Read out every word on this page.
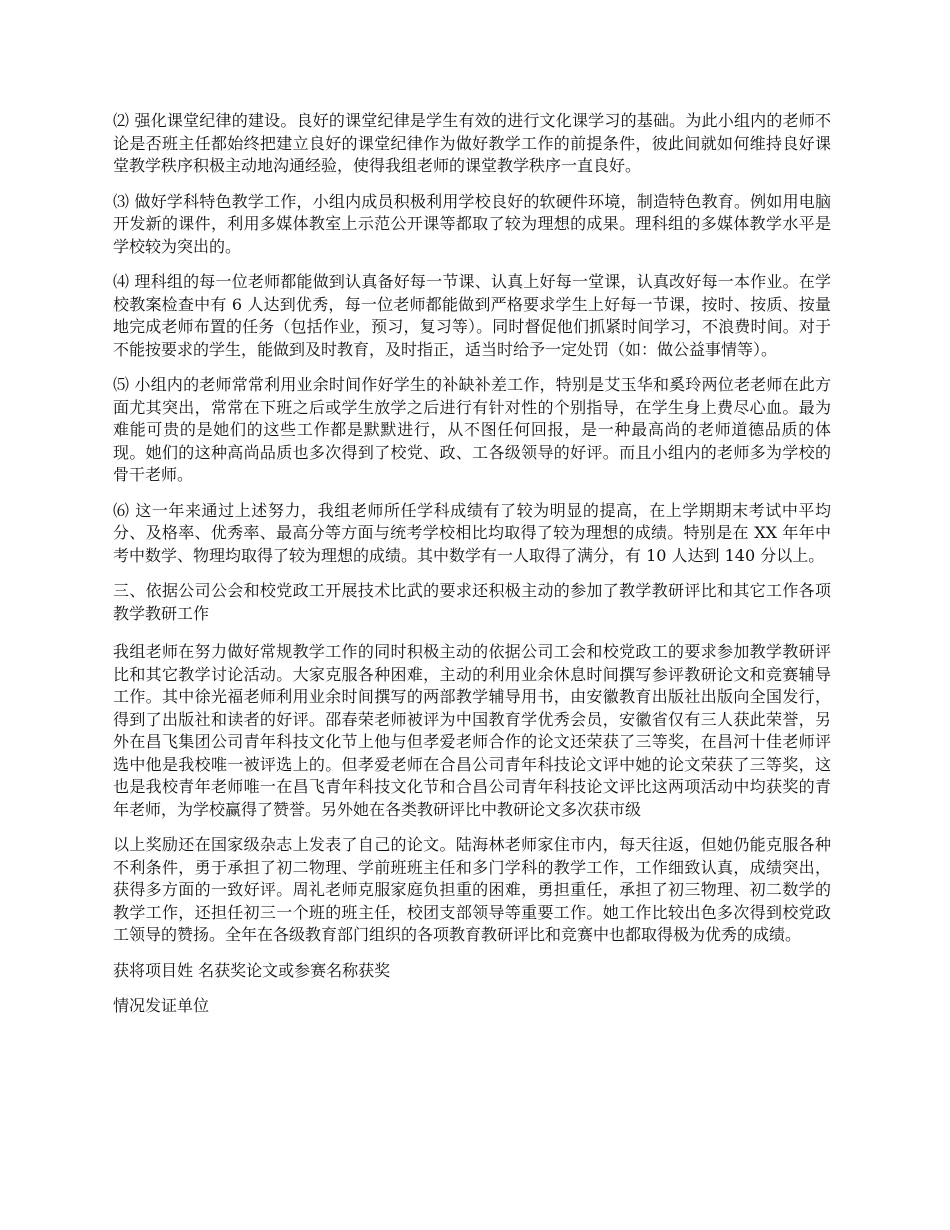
⑵ 强化课堂纪律的建设。良好的课堂纪律是学生有效的进行文化课学习的基础。为此小组内的老师不论是否班主任都始终把建立良好的课堂纪律作为做好教学工作的前提条件，彼此间就如何维持良好课堂教学秩序积极主动地沟通经验，使得我组老师的课堂教学秩序一直良好。

⑶ 做好学科特色教学工作，小组内成员积极利用学校良好的软硬件环境，制造特色教育。例如用电脑开发新的课件，利用多媒体教室上示范公开课等都取了较为理想的成果。理科组的多媒体教学水平是学校较为突出的。

⑷ 理科组的每一位老师都能做到认真备好每一节课、认真上好每一堂课，认真改好每一本作业。在学校教案检查中有 6 人达到优秀，每一位老师都能做到严格要求学生上好每一节课，按时、按质、按量地完成老师布置的任务（包括作业，预习，复习等）。同时督促他们抓紧时间学习，不浪费时间。对于不能按要求的学生，能做到及时教育，及时指正，适当时给予一定处罚（如：做公益事情等）。

⑸ 小组内的老师常常利用业余时间作好学生的补缺补差工作，特别是艾玉华和奚玲两位老老师在此方面尤其突出，常常在下班之后或学生放学之后进行有针对性的个别指导，在学生身上费尽心血。最为难能可贵的是她们的这些工作都是默默进行，从不图任何回报，是一种最高尚的老师道德品质的体现。她们的这种高尚品质也多次得到了校党、政、工各级领导的好评。而且小组内的老师多为学校的骨干老师。

⑹ 这一年来通过上述努力，我组老师所任学科成绩有了较为明显的提高，在上学期期末考试中平均分、及格率、优秀率、最高分等方面与统考学校相比均取得了较为理想的成绩。特别是在 XX 年年中考中数学、物理均取得了较为理想的成绩。其中数学有一人取得了满分，有 10 人达到 140 分以上。

三、依据公司公会和校党政工开展技术比武的要求还积极主动的参加了教学教研评比和其它工作各项教学教研工作

我组老师在努力做好常规教学工作的同时积极主动的依据公司工会和校党政工的要求参加教学教研评比和其它教学讨论活动。大家克服各种困难，主动的利用业余休息时间撰写参评教研论文和竞赛辅导工作。其中徐光福老师利用业余时间撰写的两部教学辅导用书，由安徽教育出版社出版向全国发行，得到了出版社和读者的好评。邵春荣老师被评为中国教育学优秀会员，安徽省仅有三人获此荣誉，另外在昌飞集团公司青年科技文化节上他与但孝爱老师合作的论文还荣获了三等奖，在昌河十佳老师评选中他是我校唯一被评选上的。但孝爱老师在合昌公司青年科技论文评中她的论文荣获了三等奖，这也是我校青年老师唯一在昌飞青年科技文化节和合昌公司青年科技论文评比这两项活动中均获奖的青年老师，为学校赢得了赞誉。另外她在各类教研评比中教研论文多次获市级

以上奖励还在国家级杂志上发表了自己的论文。陆海林老师家住市内，每天往返，但她仍能克服各种不利条件，勇于承担了初二物理、学前班班主任和多门学科的教学工作，工作细致认真，成绩突出，获得多方面的一致好评。周礼老师克服家庭负担重的困难，勇担重任，承担了初三物理、初二数学的教学工作，还担任初三一个班的班主任，校团支部领导等重要工作。她工作比较出色多次得到校党政工领导的赞扬。全年在各级教育部门组织的各项教育教研评比和竞赛中也都取得极为优秀的成绩。

获将项目姓 名获奖论文或参赛名称获奖

情况发证单位
